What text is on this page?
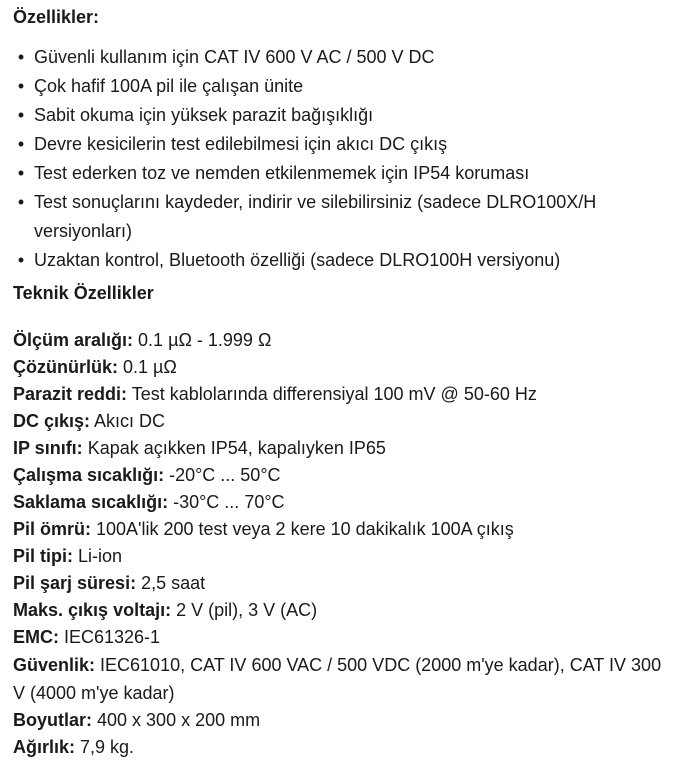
Özellikler:
• Güvenli kullanım için CAT IV 600 V AC / 500 V DC
• Çok hafif 100A pil ile çalışan ünite
• Sabit okuma için yüksek parazit bağışıklığı
• Devre kesicilerin test edilebilmesi için akıcı DC çıkış
• Test ederken toz ve nemden etkilenmemek için IP54 koruması
• Test sonuçlarını kaydeder, indirir ve silebilirsiniz (sadece DLRO100X/H versiyonları)
• Uzaktan kontrol, Bluetooth özelliği (sadece DLRO100H versiyonu)
Teknik Özellikler
Ölçüm aralığı: 0.1 µΩ - 1.999 Ω
Çözünürlük: 0.1 µΩ
Parazit reddi: Test kablolarında differensiyal 100 mV @ 50-60 Hz
DC çıkış: Akıcı DC
IP sınıfı: Kapak açıkken IP54, kapalıyken IP65
Çalışma sıcaklığı: -20°C ... 50°C
Saklama sıcaklığı: -30°C ... 70°C
Pil ömrü: 100A'lik 200 test veya 2 kere 10 dakikalık 100A çıkış
Pil tipi: Li-ion
Pil şarj süresi: 2,5 saat
Maks. çıkış voltajı: 2 V (pil), 3 V (AC)
EMC: IEC61326-1
Güvenlik: IEC61010, CAT IV 600 VAC / 500 VDC (2000 m'ye kadar), CAT IV 300 V (4000 m'ye kadar)
Boyutlar: 400 x 300 x 200 mm
Ağırlık: 7,9 kg.
